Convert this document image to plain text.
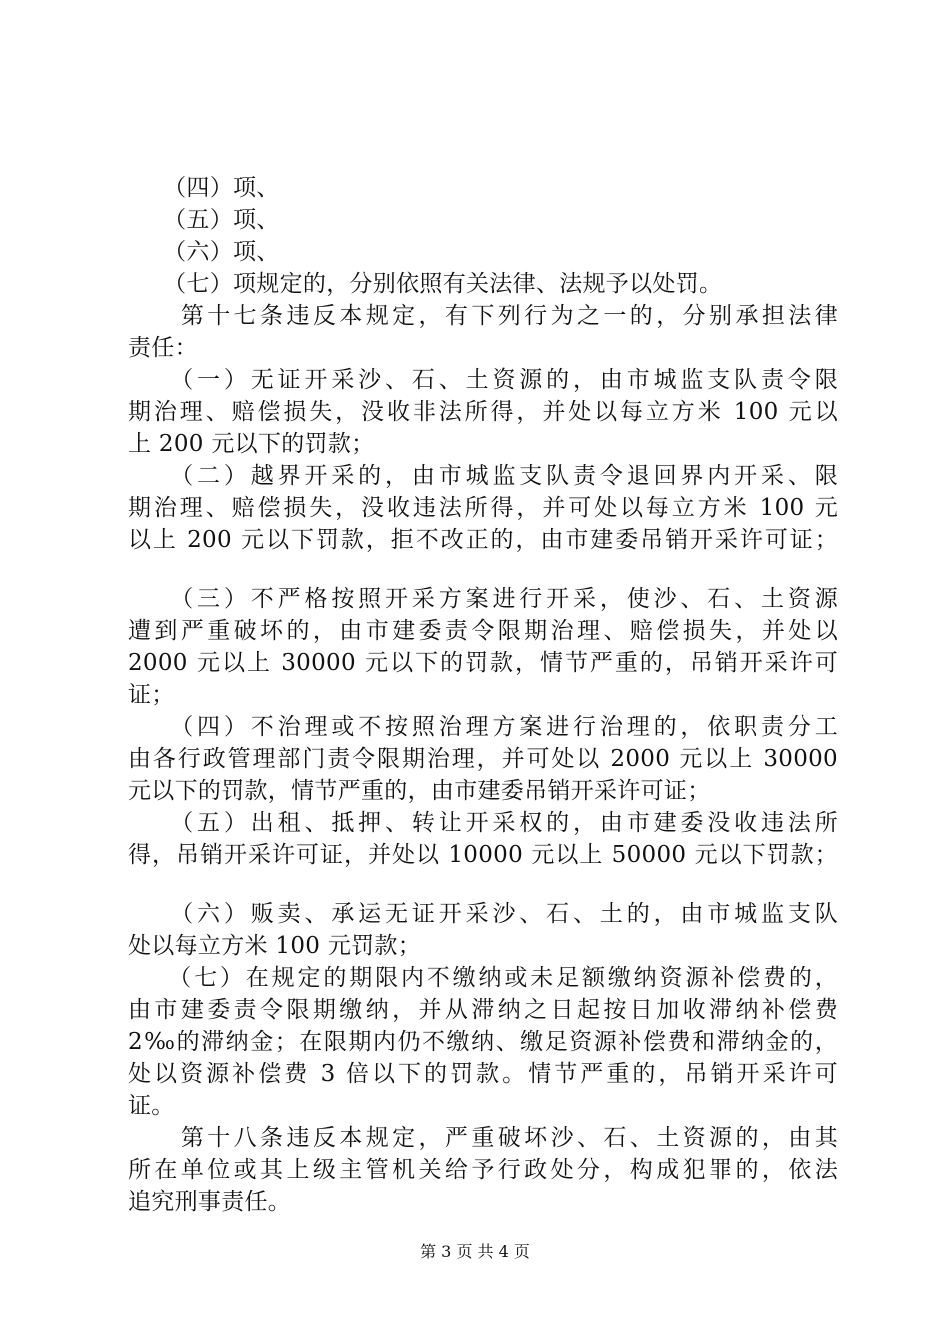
　　（四）项、
　　（五）项、
　　（六）项、
　　（七）项规定的，分别依照有关法律、法规予以处罚。
　　第十七条违反本规定，有下列行为之一的，分别承担法律
责任：
　　（一）无证开采沙、石、土资源的，由市城监支队责令限
期治理、赔偿损失，没收非法所得，并处以每立方米 100 元以
上 200 元以下的罚款；
　　（二）越界开采的，由市城监支队责令退回界内开采、限
期治理、赔偿损失，没收违法所得，并可处以每立方米 100 元
以上 200 元以下罚款，拒不改正的，由市建委吊销开采许可证；
　　（三）不严格按照开采方案进行开采，使沙、石、土资源
遭到严重破坏的，由市建委责令限期治理、赔偿损失，并处以
2000 元以上 30000 元以下的罚款，情节严重的，吊销开采许可
证；
　　（四）不治理或不按照治理方案进行治理的，依职责分工
由各行政管理部门责令限期治理，并可处以 2000 元以上 30000
元以下的罚款，情节严重的，由市建委吊销开采许可证；
　　（五）出租、抵押、转让开采权的，由市建委没收违法所
得，吊销开采许可证，并处以 10000 元以上 50000 元以下罚款；
　　（六）贩卖、承运无证开采沙、石、土的，由市城监支队
处以每立方米 100 元罚款；
　　（七）在规定的期限内不缴纳或未足额缴纳资源补偿费的，
由市建委责令限期缴纳，并从滞纳之日起按日加收滞纳补偿费
2‰的滞纳金；在限期内仍不缴纳、缴足资源补偿费和滞纳金的，
处以资源补偿费 3 倍以下的罚款。情节严重的，吊销开采许可
证。
　　第十八条违反本规定，严重破坏沙、石、土资源的，由其
所在单位或其上级主管机关给予行政处分，构成犯罪的，依法
追究刑事责任。
第 3 页 共 4 页
